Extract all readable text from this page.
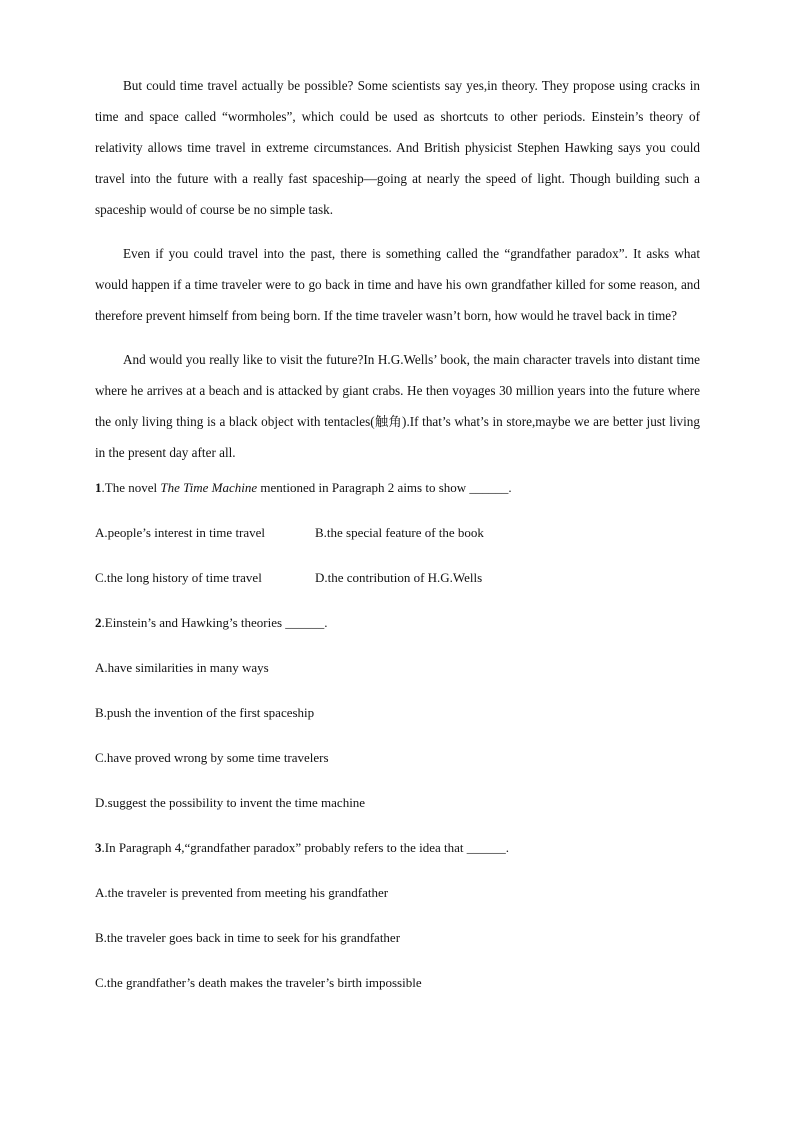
But could time travel actually be possible? Some scientists say yes,in theory. They propose using cracks in time and space called “wormholes”, which could be used as shortcuts to other periods. Einstein’s theory of relativity allows time travel in extreme circumstances. And British physicist Stephen Hawking says you could travel into the future with a really fast spaceship—going at nearly the speed of light. Though building such a spaceship would of course be no simple task.

Even if you could travel into the past, there is something called the “grandfather paradox”. It asks what would happen if a time traveler were to go back in time and have his own grandfather killed for some reason, and therefore prevent himself from being born. If the time traveler wasn’t born, how would he travel back in time?

And would you really like to visit the future?In H.G.Wells’ book, the main character travels into distant time where he arrives at a beach and is attacked by giant crabs. He then voyages 30 million years into the future where the only living thing is a black object with tentacles(触角).If that’s what’s in store,maybe we are better just living in the present day after all.

1.The novel The Time Machine mentioned in Paragraph 2 aims to show ______.
A.people’s interest in time travel	B.the special feature of the book
C.the long history of time travel	D.the contribution of H.G.Wells
2.Einstein’s and Hawking’s theories ______.
A.have similarities in many ways
B.push the invention of the first spaceship
C.have proved wrong by some time travelers
D.suggest the possibility to invent the time machine
3.In Paragraph 4,“grandfather paradox” probably refers to the idea that ______.
A.the traveler is prevented from meeting his grandfather
B.the traveler goes back in time to seek for his grandfather
C.the grandfather’s death makes the traveler’s birth impossible
